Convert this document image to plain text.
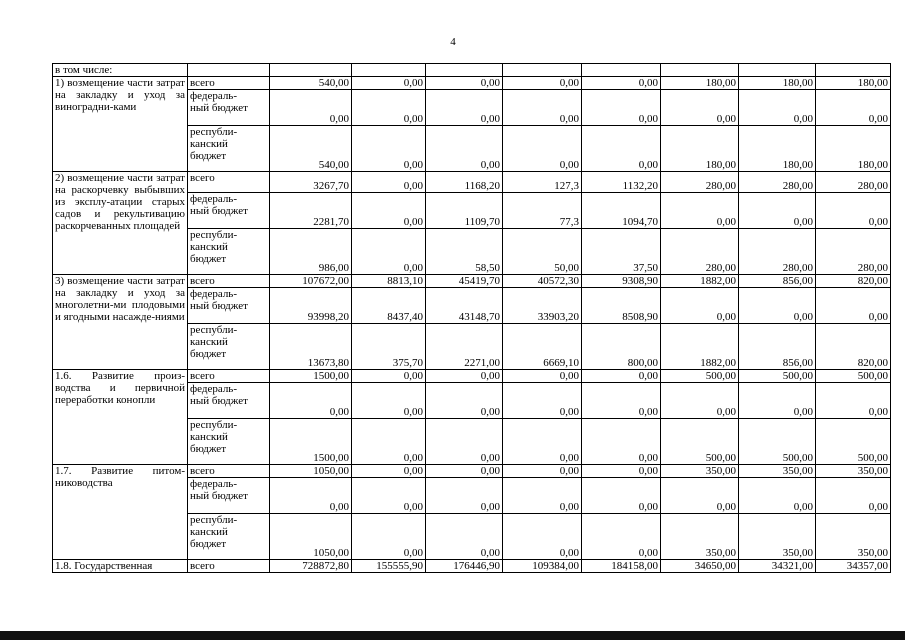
4
в том числе:									
1) возмещение части затрат на закладку и уход за виноградни-ками	всего	540,00	0,00	0,00	0,00	0,00	180,00	180,00	180,00
	федераль-
ный бюджет	0,00	0,00	0,00	0,00	0,00	0,00	0,00	0,00
	республи-
канский
бюджет	540,00	0,00	0,00	0,00	0,00	180,00	180,00	180,00
2) возмещение части затрат на раскорчевку выбывших из эксплу-атации старых садов и рекультивацию раскорчеванных площадей	всего	3267,70	0,00	1168,20	127,3	1132,20	280,00	280,00	280,00
	федераль-
ный бюджет	2281,70	0,00	1109,70	77,3	1094,70	0,00	0,00	0,00
	республи-
канский
бюджет	986,00	0,00	58,50	50,00	37,50	280,00	280,00	280,00
3) возмещение части затрат на закладку и уход за многолетни-ми плодовыми и ягодными насажде-ниями	всего	107672,00	8813,10	45419,70	40572,30	9308,90	1882,00	856,00	820,00
	федераль-
ный бюджет	93998,20	8437,40	43148,70	33903,20	8508,90	0,00	0,00	0,00
	республи-
канский
бюджет	13673,80	375,70	2271,00	6669,10	800,00	1882,00	856,00	820,00
1.6. Развитие произ-водства и первичной переработки конопли	всего	1500,00	0,00	0,00	0,00	0,00	500,00	500,00	500,00
	федераль-
ный бюджет	0,00	0,00	0,00	0,00	0,00	0,00	0,00	0,00
	республи-
канский
бюджет	1500,00	0,00	0,00	0,00	0,00	500,00	500,00	500,00
1.7. Развитие питом-ниководства	всего	1050,00	0,00	0,00	0,00	0,00	350,00	350,00	350,00
	федераль-
ный бюджет	0,00	0,00	0,00	0,00	0,00	0,00	0,00	0,00
	республи-
канский
бюджет	1050,00	0,00	0,00	0,00	0,00	350,00	350,00	350,00
1.8. Государственная	всего	728872,80	155555,90	176446,90	109384,00	184158,00	34650,00	34321,00	34357,00
